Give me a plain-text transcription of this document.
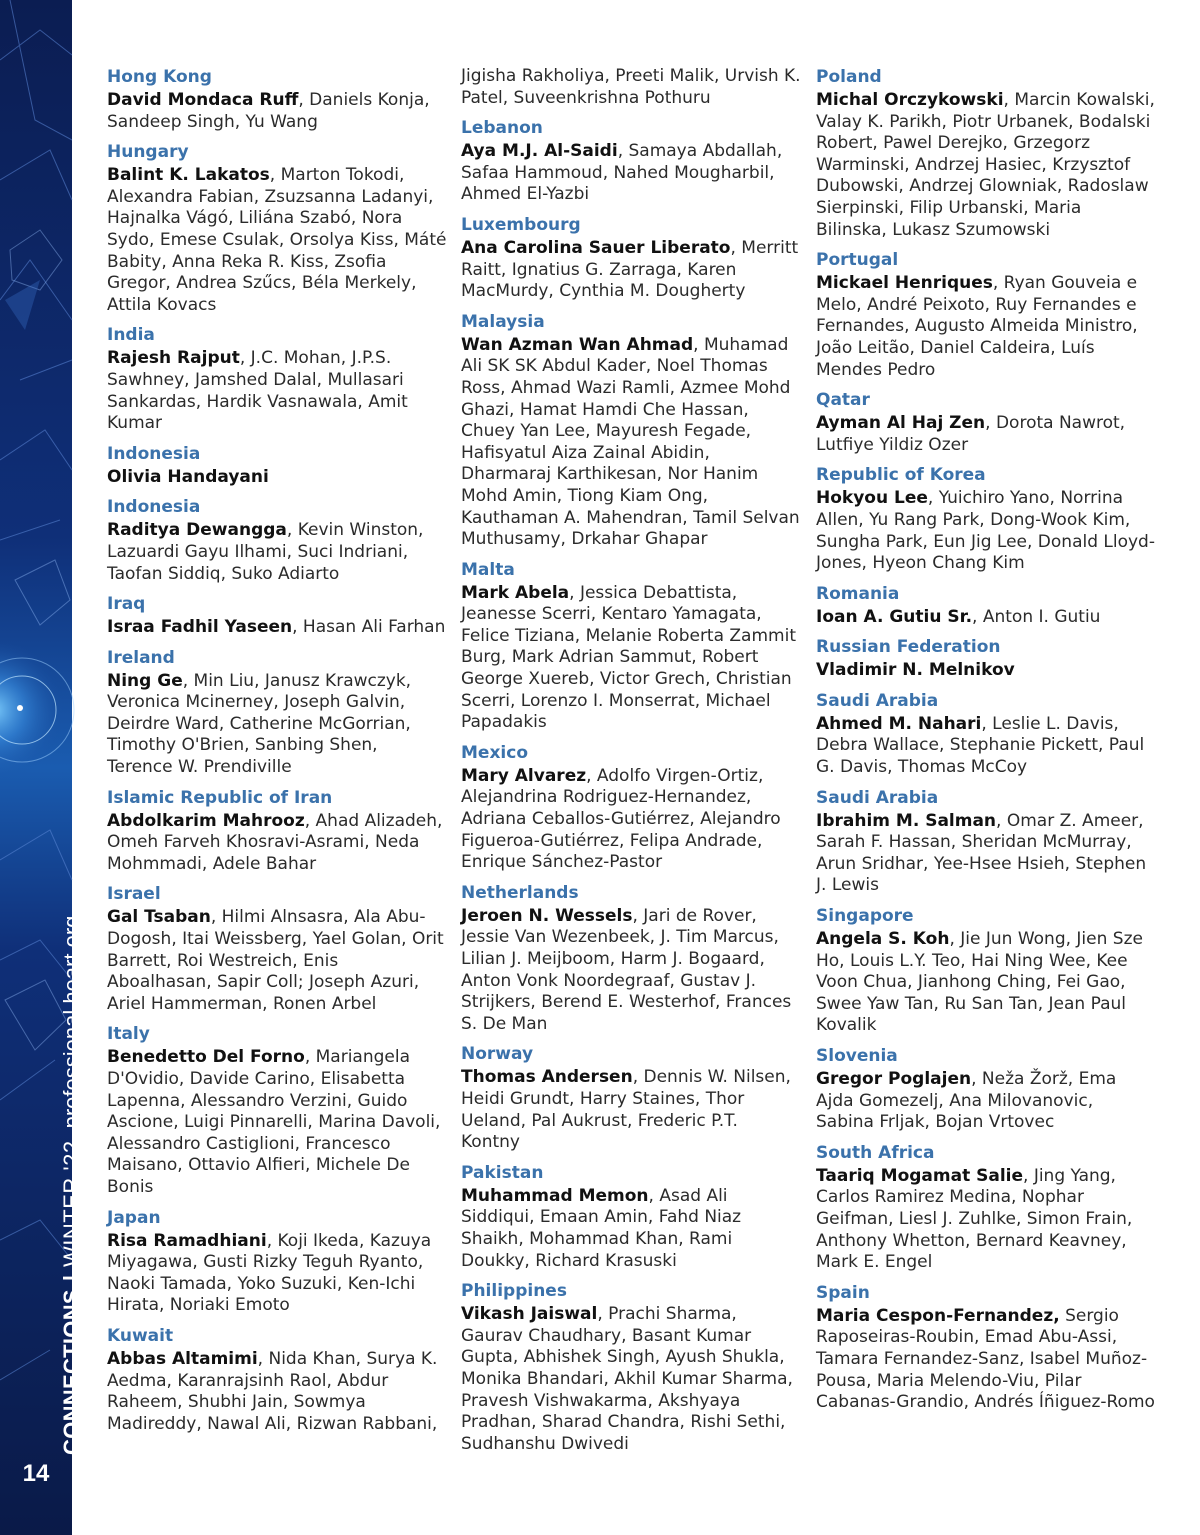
CONNECTIONS|WINTER '22professional.heart.org
14
Hong Kong
David Mondaca Ruff, Daniels Konja, Sandeep Singh, Yu Wang
Hungary
Balint K. Lakatos, Marton Tokodi, Alexandra Fabian, Zsuzsanna Ladanyi, Hajnalka Vágó, Liliána Szabó, Nora Sydo, Emese Csulak, Orsolya Kiss, Máté Babity, Anna Reka R. Kiss, Zsofia Gregor, Andrea Szűcs, Béla Merkely, Attila Kovacs
India
Rajesh Rajput, J.C. Mohan, J.P.S. Sawhney, Jamshed Dalal, Mullasari Sankardas, Hardik Vasnawala, Amit Kumar
Indonesia
Olivia Handayani
Indonesia
Raditya Dewangga, Kevin Winston, Lazuardi Gayu Ilhami, Suci Indriani, Taofan Siddiq, Suko Adiarto
Iraq
Israa Fadhil Yaseen, Hasan Ali Farhan
Ireland
Ning Ge, Min Liu, Janusz Krawczyk, Veronica Mcinerney, Joseph Galvin, Deirdre Ward, Catherine McGorrian, Timothy O'Brien, Sanbing Shen, Terence W. Prendiville
Islamic Republic of Iran
Abdolkarim Mahrooz, Ahad Alizadeh, Omeh Farveh Khosravi-Asrami, Neda Mohmmadi, Adele Bahar
Israel
Gal Tsaban, Hilmi Alnsasra, Ala Abu-Dogosh, Itai Weissberg, Yael Golan, Orit Barrett, Roi Westreich, Enis Aboalhasan, Sapir Coll; Joseph Azuri, Ariel Hammerman, Ronen Arbel
Italy
Benedetto Del Forno, Mariangela D'Ovidio, Davide Carino, Elisabetta Lapenna, Alessandro Verzini, Guido Ascione, Luigi Pinnarelli, Marina Davoli, Alessandro Castiglioni, Francesco Maisano, Ottavio Alfieri, Michele De Bonis
Japan
Risa Ramadhiani, Koji Ikeda, Kazuya Miyagawa, Gusti Rizky Teguh Ryanto, Naoki Tamada, Yoko Suzuki, Ken-Ichi Hirata, Noriaki Emoto
Kuwait
Abbas Altamimi, Nida Khan, Surya K. Aedma, Karanrajsinh Raol, Abdur Raheem, Shubhi Jain, Sowmya Madireddy, Nawal Ali, Rizwan Rabbani,
Jigisha Rakholiya, Preeti Malik, Urvish K. Patel, Suveenkrishna Pothuru
Lebanon
Aya M.J. Al-Saidi, Samaya Abdallah, Safaa Hammoud, Nahed Mougharbil, Ahmed El-Yazbi
Luxembourg
Ana Carolina Sauer Liberato, Merritt Raitt, Ignatius G. Zarraga, Karen MacMurdy, Cynthia M. Dougherty
Malaysia
Wan Azman Wan Ahmad, Muhamad Ali SK SK Abdul Kader, Noel Thomas Ross, Ahmad Wazi Ramli, Azmee Mohd Ghazi, Hamat Hamdi Che Hassan, Chuey Yan Lee, Mayuresh Fegade, Hafisyatul Aiza Zainal Abidin, Dharmaraj Karthikesan, Nor Hanim Mohd Amin, Tiong Kiam Ong, Kauthaman A. Mahendran, Tamil Selvan Muthusamy, Drkahar Ghapar
Malta
Mark Abela, Jessica Debattista, Jeanesse Scerri, Kentaro Yamagata, Felice Tiziana, Melanie Roberta Zammit Burg, Mark Adrian Sammut, Robert George Xuereb, Victor Grech, Christian Scerri, Lorenzo I. Monserrat, Michael Papadakis
Mexico
Mary Alvarez, Adolfo Virgen-Ortiz, Alejandrina Rodriguez-Hernandez, Adriana Ceballos-Gutiérrez, Alejandro Figueroa-Gutiérrez, Felipa Andrade, Enrique Sánchez-Pastor
Netherlands
Jeroen N. Wessels, Jari de Rover, Jessie Van Wezenbeek, J. Tim Marcus, Lilian J. Meijboom, Harm J. Bogaard, Anton Vonk Noordegraaf, Gustav J. Strijkers, Berend E. Westerhof, Frances S. De Man
Norway
Thomas Andersen, Dennis W. Nilsen, Heidi Grundt, Harry Staines, Thor Ueland, Pal Aukrust, Frederic P.T. Kontny
Pakistan
Muhammad Memon, Asad Ali Siddiqui, Emaan Amin, Fahd Niaz Shaikh, Mohammad Khan, Rami Doukky, Richard Krasuski
Philippines
Vikash Jaiswal, Prachi Sharma, Gaurav Chaudhary, Basant Kumar Gupta, Abhishek Singh, Ayush Shukla, Monika Bhandari, Akhil Kumar Sharma, Pravesh Vishwakarma, Akshyaya Pradhan, Sharad Chandra, Rishi Sethi, Sudhanshu Dwivedi
Poland
Michal Orczykowski, Marcin Kowalski, Valay K. Parikh, Piotr Urbanek, Bodalski Robert, Pawel Derejko, Grzegorz Warminski, Andrzej Hasiec, Krzysztof Dubowski, Andrzej Glowniak, Radoslaw Sierpinski, Filip Urbanski, Maria Bilinska, Lukasz Szumowski
Portugal
Mickael Henriques, Ryan Gouveia e Melo, André Peixoto, Ruy Fernandes e Fernandes, Augusto Almeida Ministro, João Leitão, Daniel Caldeira, Luís Mendes Pedro
Qatar
Ayman Al Haj Zen, Dorota Nawrot, Lutfiye Yildiz Ozer
Republic of Korea
Hokyou Lee, Yuichiro Yano, Norrina Allen, Yu Rang Park, Dong-Wook Kim, Sungha Park, Eun Jig Lee, Donald Lloyd-Jones, Hyeon Chang Kim
Romania
Ioan A. Gutiu Sr., Anton I. Gutiu
Russian Federation
Vladimir N. Melnikov
Saudi Arabia
Ahmed M. Nahari, Leslie L. Davis, Debra Wallace, Stephanie Pickett, Paul G. Davis, Thomas McCoy
Saudi Arabia
Ibrahim M. Salman, Omar Z. Ameer, Sarah F. Hassan, Sheridan McMurray, Arun Sridhar, Yee-Hsee Hsieh, Stephen J. Lewis
Singapore
Angela S. Koh, Jie Jun Wong, Jien Sze Ho, Louis L.Y. Teo, Hai Ning Wee, Kee Voon Chua, Jianhong Ching, Fei Gao, Swee Yaw Tan, Ru San Tan, Jean Paul Kovalik
Slovenia
Gregor Poglajen, Neža Žorž, Ema Ajda Gomezelj, Ana Milovanovic, Sabina Frljak, Bojan Vrtovec
South Africa
Taariq Mogamat Salie, Jing Yang, Carlos Ramirez Medina, Nophar Geifman, Liesl J. Zuhlke, Simon Frain, Anthony Whetton, Bernard Keavney, Mark E. Engel
Spain
Maria Cespon-Fernandez, Sergio Raposeiras-Roubin, Emad Abu-Assi, Tamara Fernandez-Sanz, Isabel Muñoz-Pousa, Maria Melendo-Viu, Pilar Cabanas-Grandio, Andrés Íñiguez-Romo
